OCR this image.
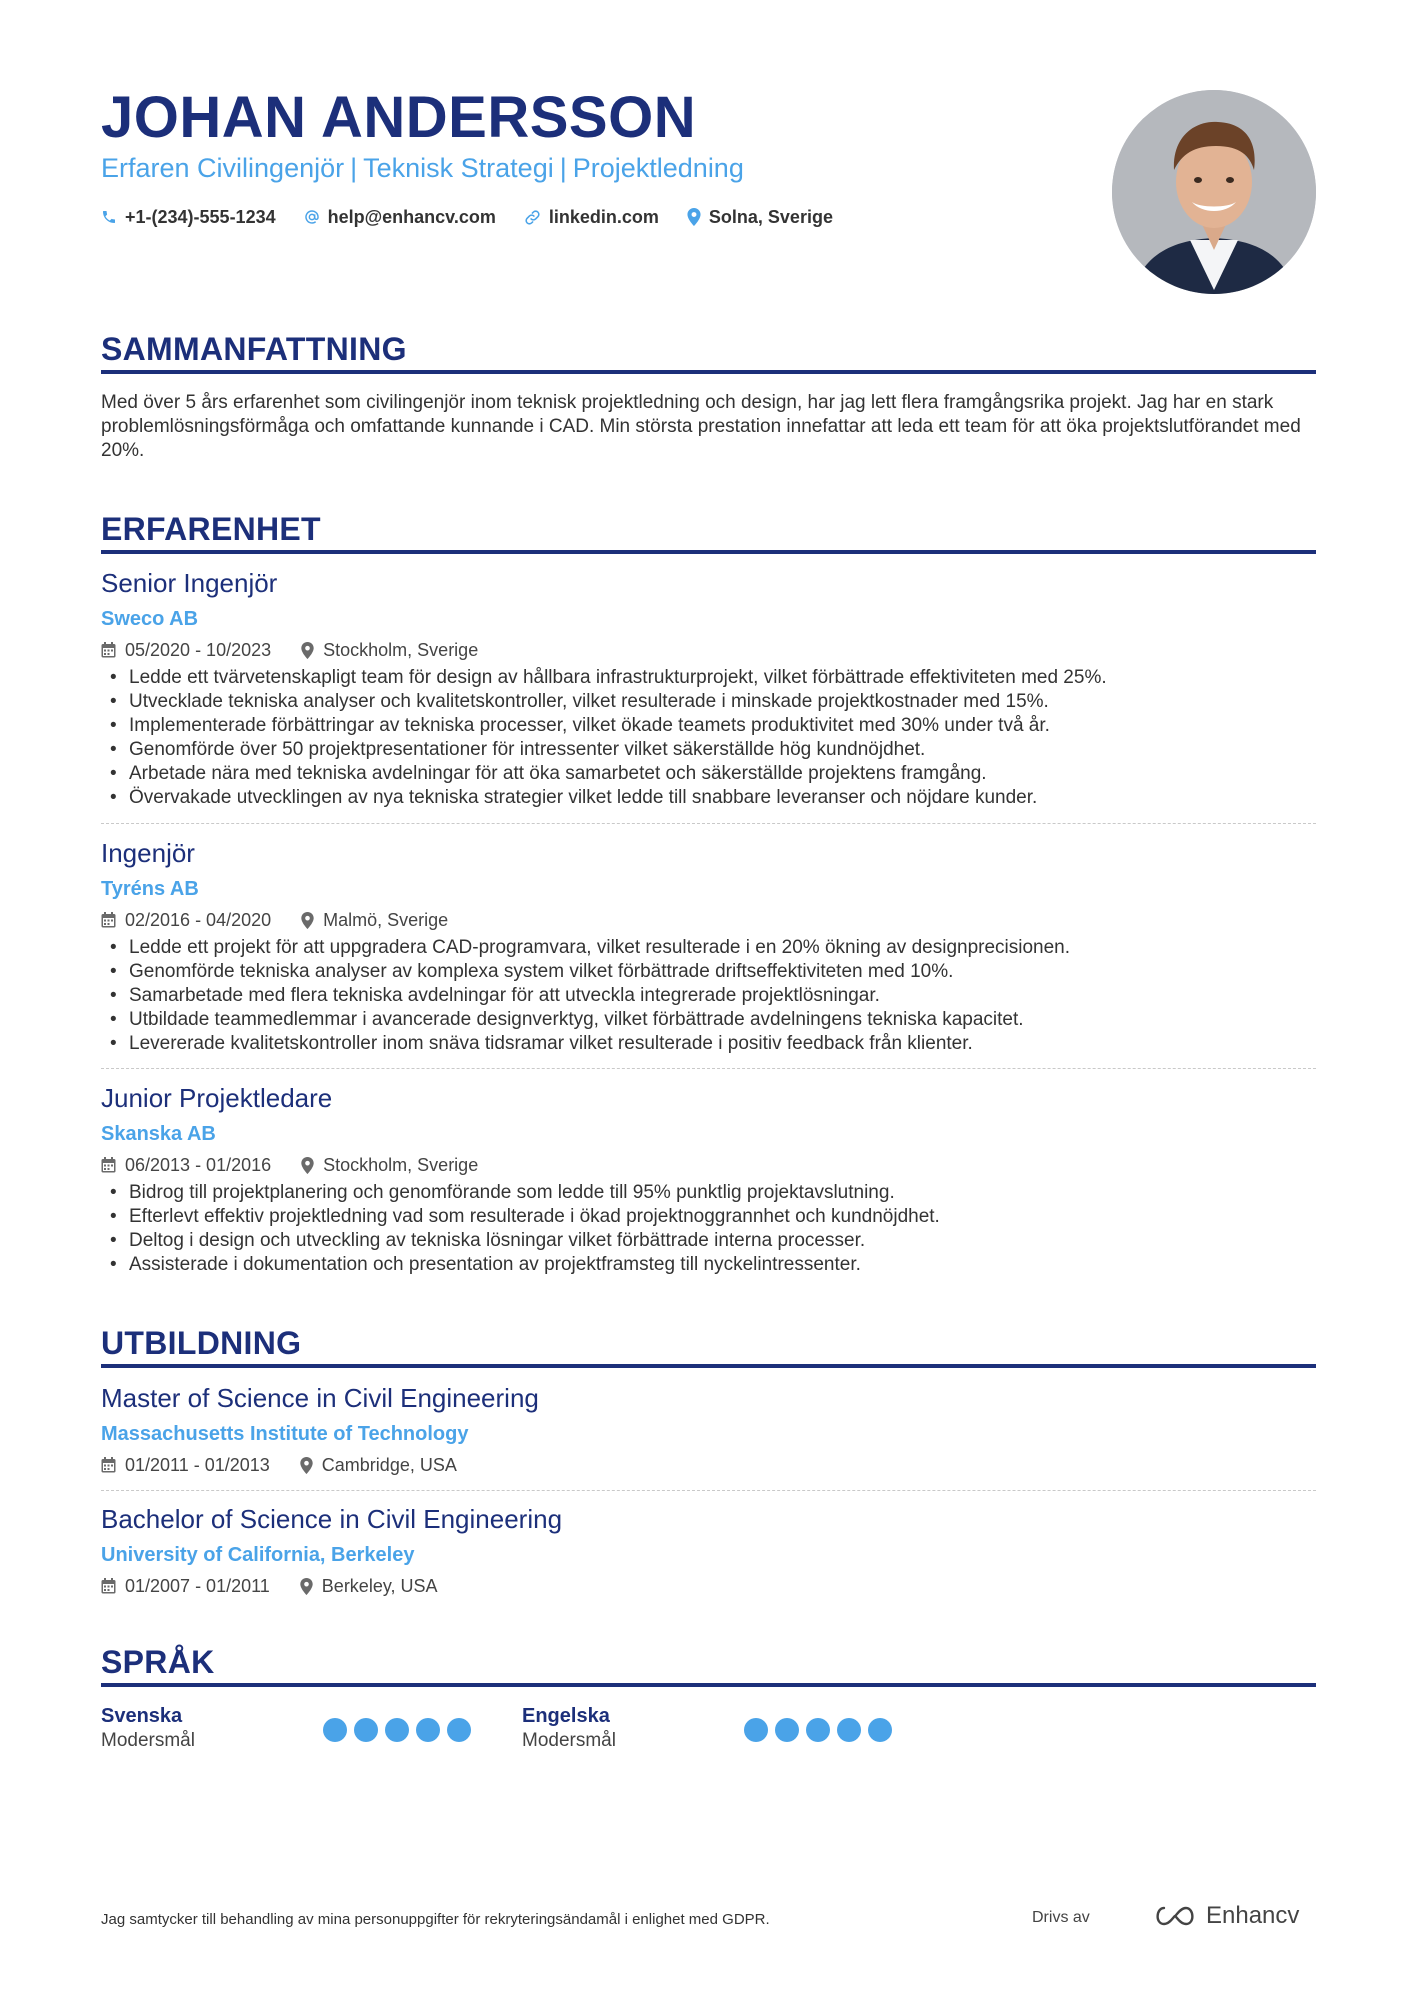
JOHAN ANDERSSON
Erfaren Civilingenjör | Teknisk Strategi | Projektledning
+1-(234)-555-1234	help@enhancv.com	linkedin.com	Solna, Sverige
SAMMANFATTNING
Med över 5 års erfarenhet som civilingenjör inom teknisk projektledning och design, har jag lett flera framgångsrika projekt. Jag har en stark problemlösningsförmåga och omfattande kunnande i CAD. Min största prestation innefattar att leda ett team för att öka projektslutförandet med 20%.
ERFARENHET
Senior Ingenjör
Sweco AB
05/2020 - 10/2023	Stockholm, Sverige
• Ledde ett tvärvetenskapligt team för design av hållbara infrastrukturprojekt, vilket förbättrade effektiviteten med 25%.
• Utvecklade tekniska analyser och kvalitetskontroller, vilket resulterade i minskade projektkostnader med 15%.
• Implementerade förbättringar av tekniska processer, vilket ökade teamets produktivitet med 30% under två år.
• Genomförde över 50 projektpresentationer för intressenter vilket säkerställde hög kundnöjdhet.
• Arbetade nära med tekniska avdelningar för att öka samarbetet och säkerställde projektens framgång.
• Övervakade utvecklingen av nya tekniska strategier vilket ledde till snabbare leveranser och nöjdare kunder.
Ingenjör
Tyréns AB
02/2016 - 04/2020	Malmö, Sverige
• Ledde ett projekt för att uppgradera CAD-programvara, vilket resulterade i en 20% ökning av designprecisionen.
• Genomförde tekniska analyser av komplexa system vilket förbättrade driftseffektiviteten med 10%.
• Samarbetade med flera tekniska avdelningar för att utveckla integrerade projektlösningar.
• Utbildade teammedlemmar i avancerade designverktyg, vilket förbättrade avdelningens tekniska kapacitet.
• Levererade kvalitetskontroller inom snäva tidsramar vilket resulterade i positiv feedback från klienter.
Junior Projektledare
Skanska AB
06/2013 - 01/2016	Stockholm, Sverige
• Bidrog till projektplanering och genomförande som ledde till 95% punktlig projektavslutning.
• Efterlevt effektiv projektledning vad som resulterade i ökad projektnoggrannhet och kundnöjdhet.
• Deltog i design och utveckling av tekniska lösningar vilket förbättrade interna processer.
• Assisterade i dokumentation och presentation av projektframsteg till nyckelintressenter.
UTBILDNING
Master of Science in Civil Engineering
Massachusetts Institute of Technology
01/2011 - 01/2013	Cambridge, USA
Bachelor of Science in Civil Engineering
University of California, Berkeley
01/2007 - 01/2011	Berkeley, USA
SPRÅK
Svenska
Modersmål
Engelska
Modersmål
Jag samtycker till behandling av mina personuppgifter för rekryteringsändamål i enlighet med GDPR.	Drivs av	Enhancv
